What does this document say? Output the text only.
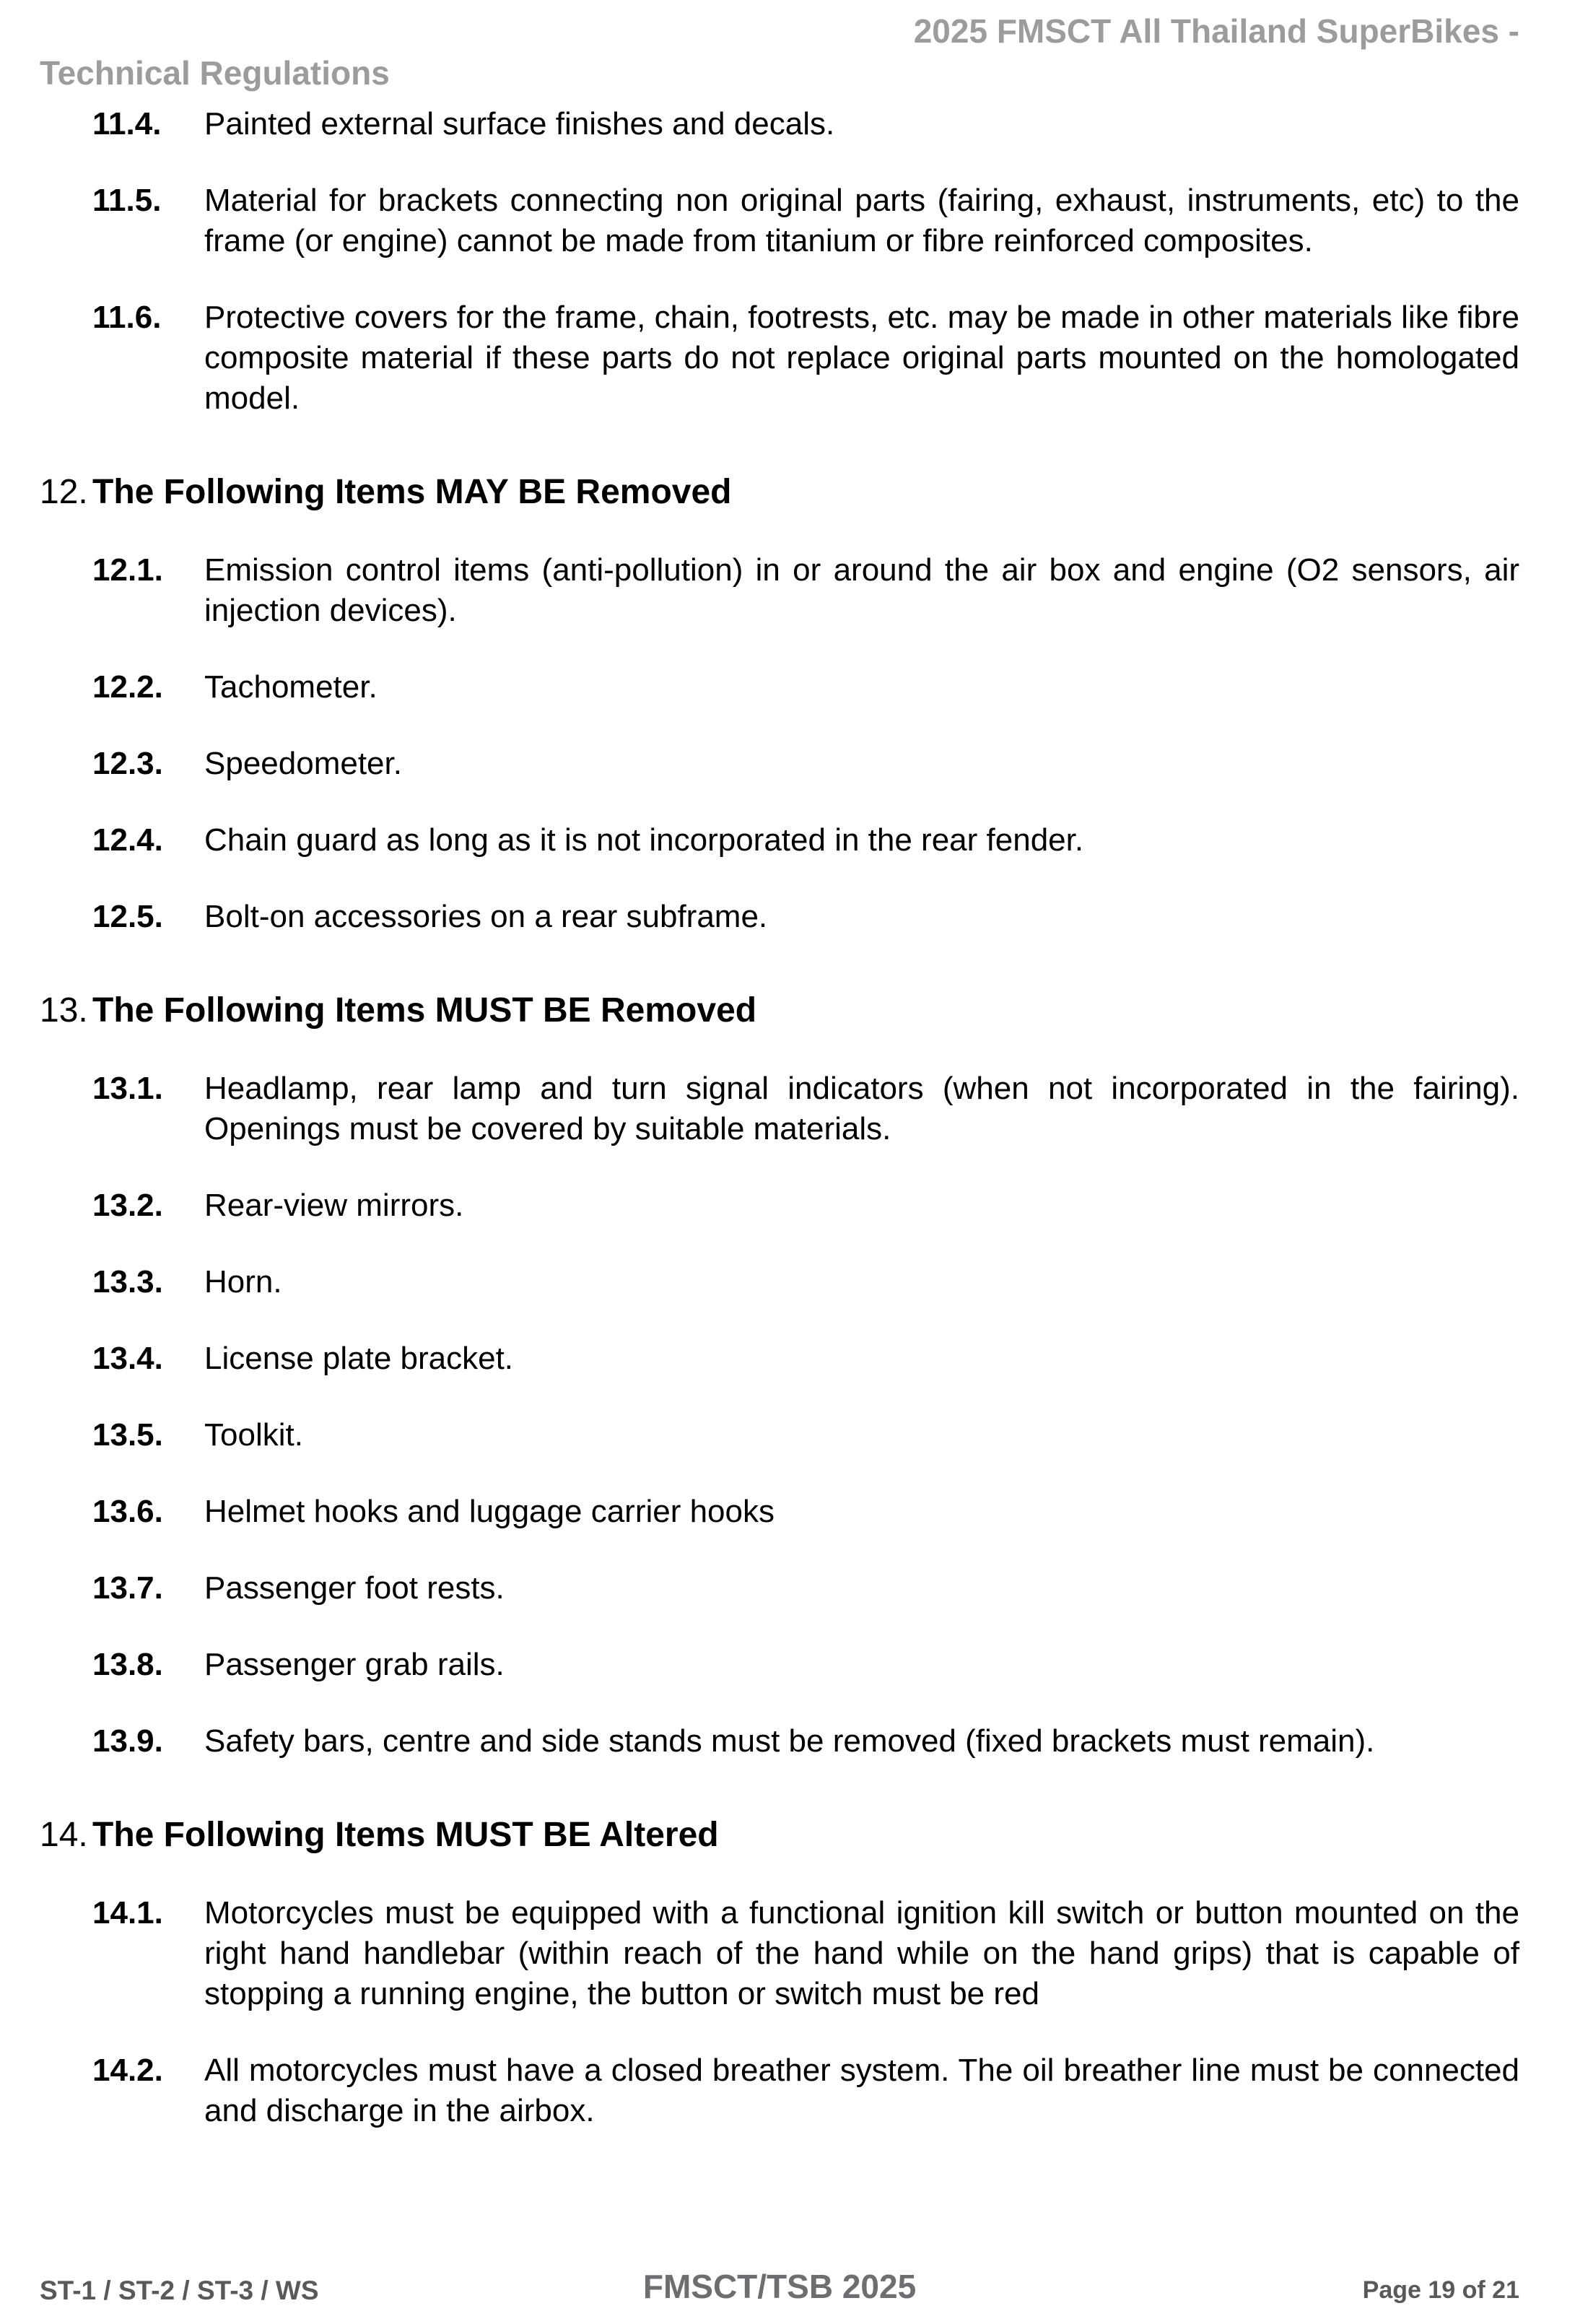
2025 FMSCT All Thailand SuperBikes -
Technical Regulations
11.4.	Painted external surface finishes and decals.
11.5.	Material for brackets connecting non original parts (fairing, exhaust, instruments, etc) to the frame (or engine) cannot be made from titanium or fibre reinforced composites.
11.6.	Protective covers for the frame, chain, footrests, etc. may be made in other materials like fibre composite material if these parts do not replace original parts mounted on the homologated model.
12. The Following Items MAY BE Removed
12.1.	Emission control items (anti-pollution) in or around the air box and engine (O2 sensors, air injection devices).
12.2.	Tachometer.
12.3.	Speedometer.
12.4.	Chain guard as long as it is not incorporated in the rear fender.
12.5.	Bolt-on accessories on a rear subframe.
13. The Following Items MUST BE Removed
13.1.	Headlamp, rear lamp and turn signal indicators (when not incorporated in the fairing). Openings must be covered by suitable materials.
13.2.	Rear-view mirrors.
13.3.	Horn.
13.4.	License plate bracket.
13.5.	Toolkit.
13.6.	Helmet hooks and luggage carrier hooks
13.7.	Passenger foot rests.
13.8.	Passenger grab rails.
13.9.	Safety bars, centre and side stands must be removed (fixed brackets must remain).
14. The Following Items MUST BE Altered
14.1.	Motorcycles must be equipped with a functional ignition kill switch or button mounted on the right hand handlebar (within reach of the hand while on the hand grips) that is capable of stopping a running engine, the button or switch must be red
14.2.	All motorcycles must have a closed breather system. The oil breather line must be connected and discharge in the airbox.
ST-1 / ST-2 / ST-3 / WS	FMSCT/TSB 2025	Page 19 of 21
